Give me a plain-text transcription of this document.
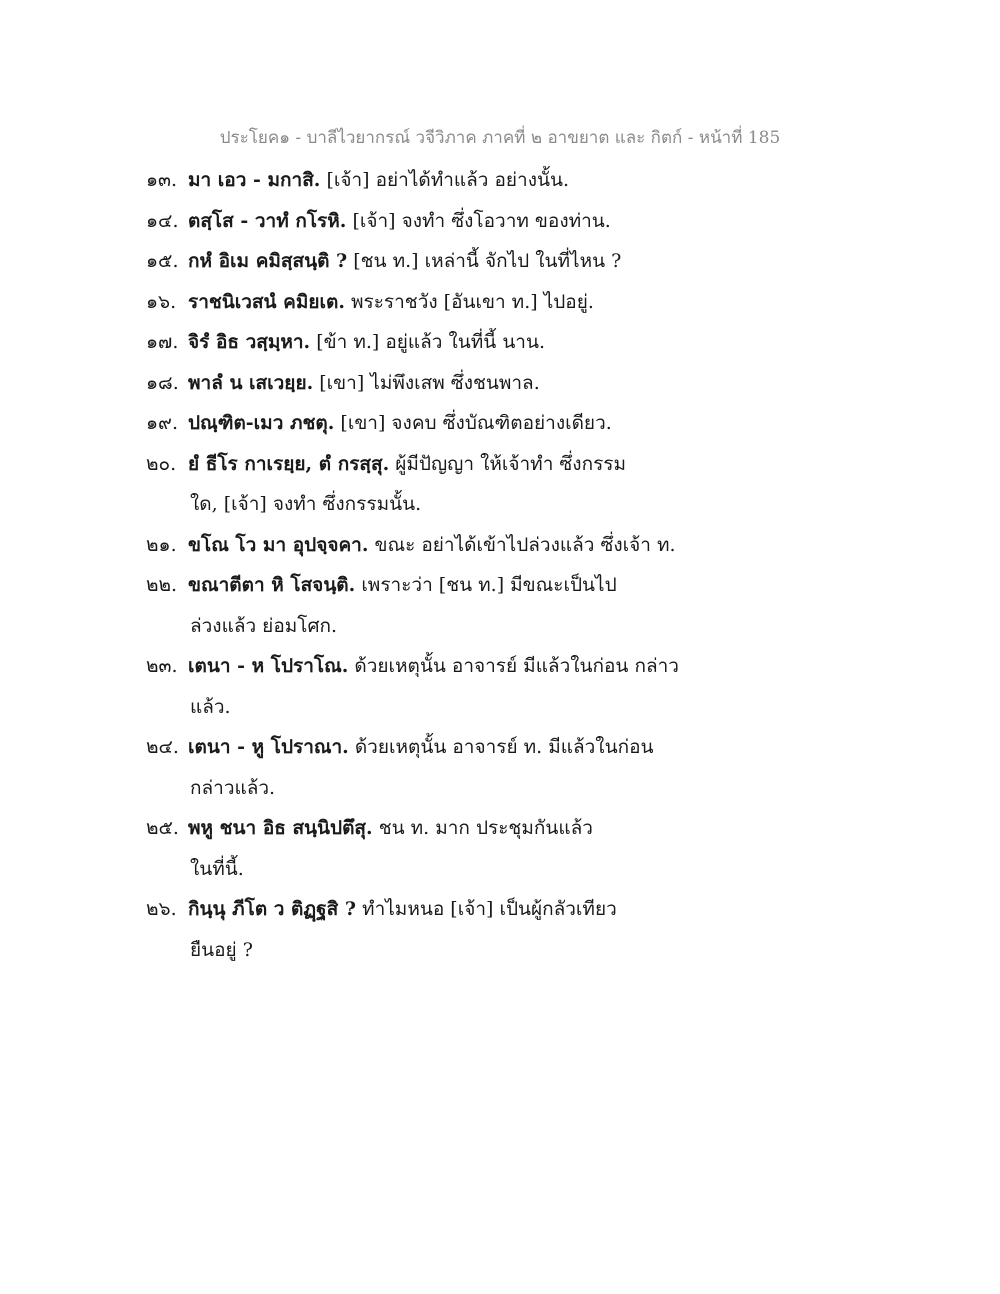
ประโยค๑ - บาลีไวยากรณ์ วจีวิภาค ภาคที่ ๒ อาขยาต และ กิตก์ - หน้าที่ 185
๑๓. มา เอว - มกาสิ. [เจ้า] อย่าได้ทำแล้ว อย่างนั้น.
๑๔. ตสฺโส - วาทํ กโรหิ. [เจ้า] จงทำ ซึ่งโอวาท ของท่าน.
๑๕. กหํ อิเม คมิสฺสนฺติ ? [ชน ท.] เหล่านี้ จักไป ในที่ไหน ?
๑๖. ราชนิเวสนํ คมิยเต. พระราชวัง [อันเขา ท.] ไปอยู่.
๑๗. จิรํ อิธ วสฺมฺหา. [ข้า ท.] อยู่แล้ว ในที่นี้ นาน.
๑๘. พาลํ น เสเวยฺย. [เขา] ไม่พึงเสพ ซึ่งชนพาล.
๑๙. ปณฺฑิต-เมว ภชตุ. [เขา] จงคบ ซึ่งบัณฑิตอย่างเดียว.
๒๐. ยํ ธีโร กาเรยฺย, ตํ กรสฺสุ. ผู้มีปัญญา ให้เจ้าทำ ซึ่งกรรม
ใด, [เจ้า] จงทำ ซึ่งกรรมนั้น.
๒๑. ขโณ โว มา อุปจฺจคา. ขณะ อย่าได้เข้าไปล่วงแล้ว ซึ่งเจ้า ท.
๒๒. ขณาตีตา หิ โสจนฺติ. เพราะว่า [ชน ท.] มีขณะเป็นไป
ล่วงแล้ว ย่อมโศก.
๒๓. เตนา - ห โปราโณ. ด้วยเหตุนั้น อาจารย์ มีแล้วในก่อน กล่าว
แล้ว.
๒๔. เตนา - หู โปราณา. ด้วยเหตุนั้น อาจารย์ ท. มีแล้วในก่อน
กล่าวแล้ว.
๒๕. พหู ชนา อิธ สนฺนิปตึสุ. ชน ท. มาก ประชุมกันแล้ว
ในที่นี้.
๒๖. กินฺนุ ภีโต ว ติฏฺฐสิ ? ทำไมหนอ [เจ้า] เป็นผู้กลัวเทียว
ยืนอยู่ ?
